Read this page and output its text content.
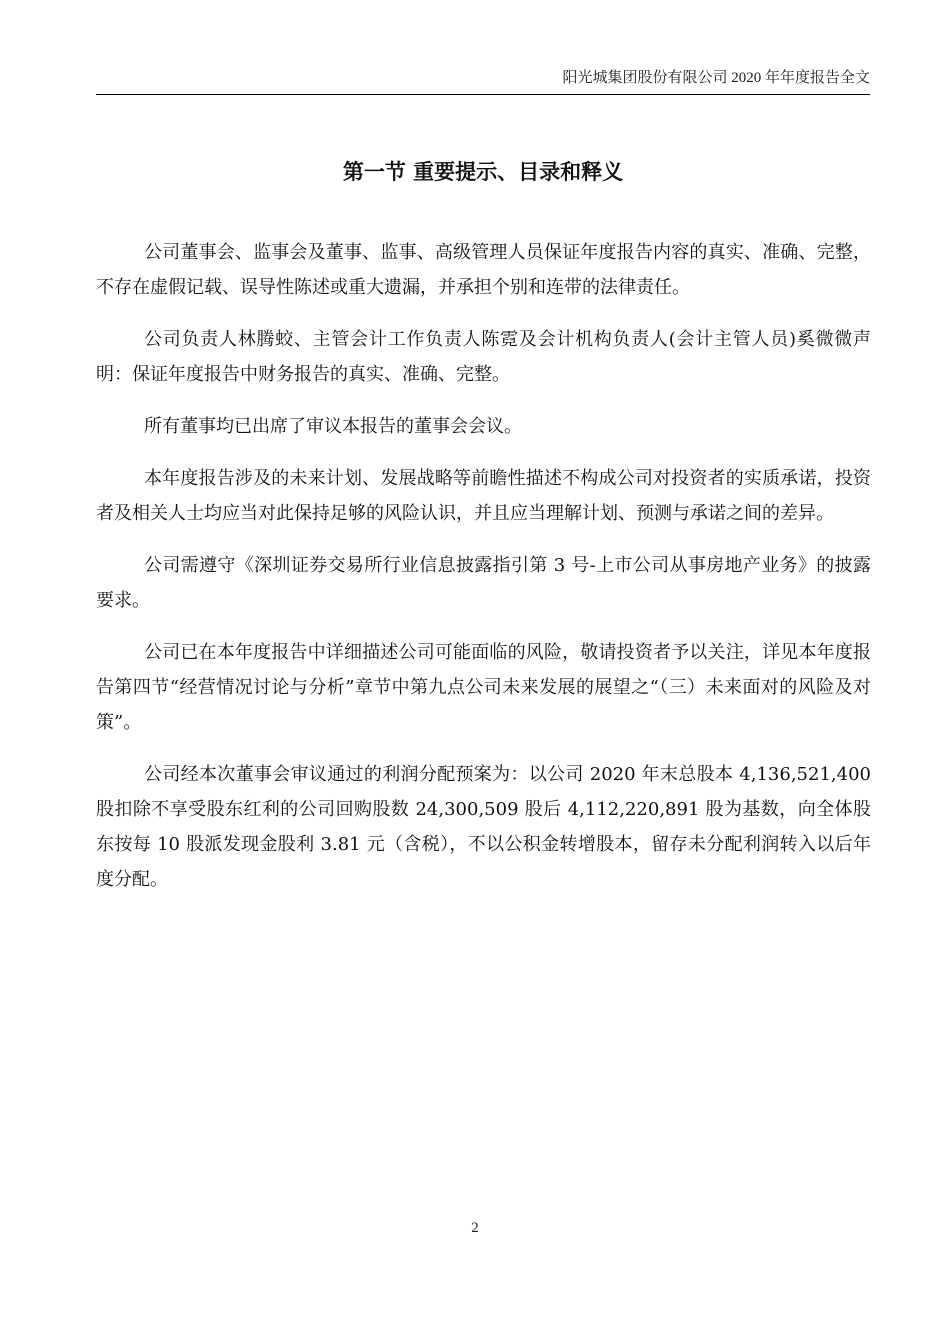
阳光城集团股份有限公司 2020 年年度报告全文
第一节 重要提示、目录和释义

公司董事会、监事会及董事、监事、高级管理人员保证年度报告内容的真实、准确、完整，不存在虚假记载、误导性陈述或重大遗漏，并承担个别和连带的法律责任。

公司负责人林腾蛟、主管会计工作负责人陈霓及会计机构负责人(会计主管人员)奚微微声明：保证年度报告中财务报告的真实、准确、完整。

所有董事均已出席了审议本报告的董事会会议。

本年度报告涉及的未来计划、发展战略等前瞻性描述不构成公司对投资者的实质承诺，投资者及相关人士均应当对此保持足够的风险认识，并且应当理解计划、预测与承诺之间的差异。

公司需遵守《深圳证券交易所行业信息披露指引第 3 号-上市公司从事房地产业务》的披露要求。

公司已在本年度报告中详细描述公司可能面临的风险，敬请投资者予以关注，详见本年度报告第四节“经营情况讨论与分析”章节中第九点公司未来发展的展望之“（三）未来面对的风险及对策”。

公司经本次董事会审议通过的利润分配预案为：以公司 2020 年末总股本 4,136,521,400 股扣除不享受股东红利的公司回购股数 24,300,509 股后 4,112,220,891 股为基数，向全体股东按每 10 股派发现金股利 3.81 元（含税），不以公积金转增股本，留存未分配利润转入以后年度分配。

2
